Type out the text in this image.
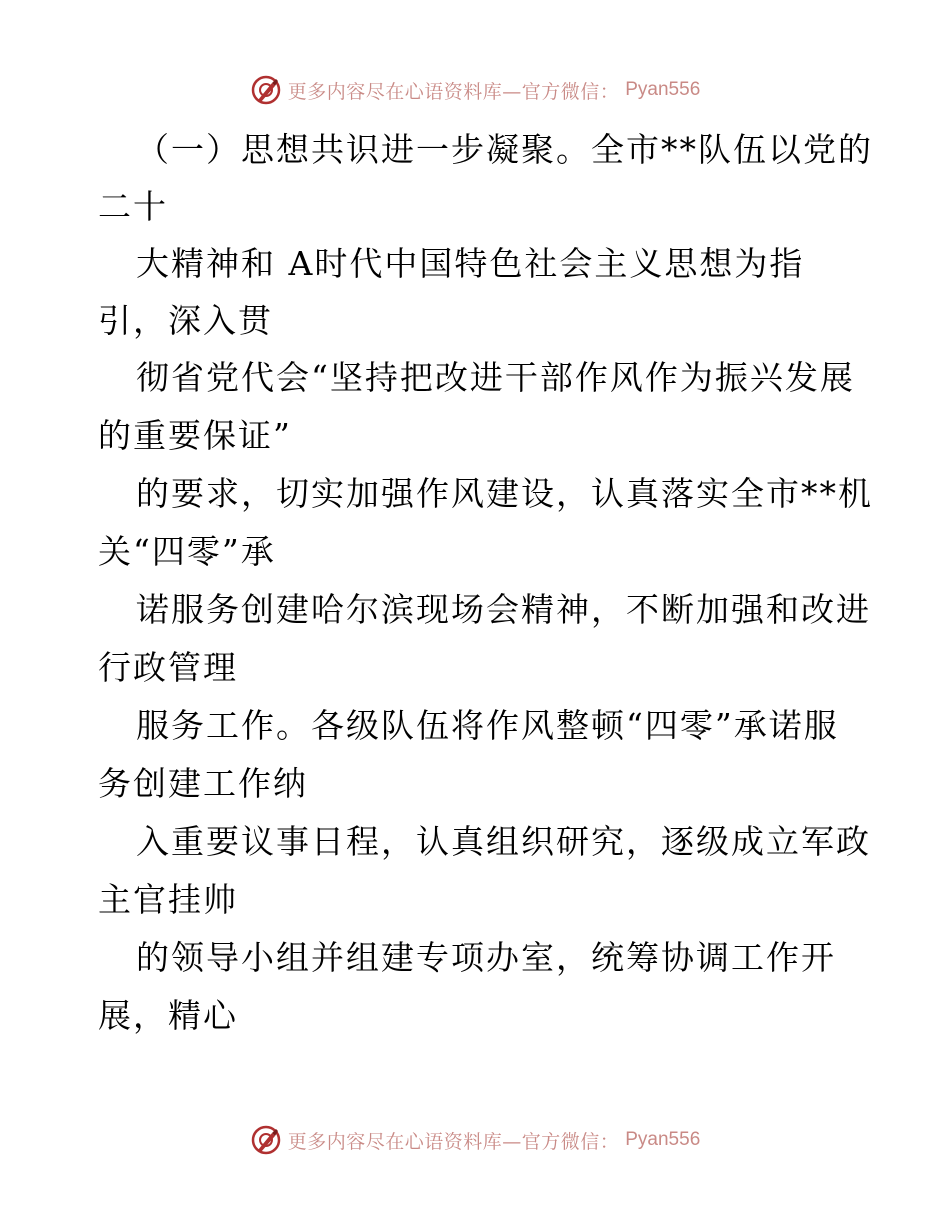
更多内容尽在心语资料库—官方微信： Pyan556
（一）思想共识进一步凝聚。全市**队伍以党的
二十
大精神和 A时代中国特色社会主义思想为指
引，深入贯
彻省党代会“坚持把改进干部作风作为振兴发展
的重要保证”
的要求，切实加强作风建设，认真落实全市**机
关“四零”承
诺服务创建哈尔滨现场会精神，不断加强和改进
行政管理
服务工作。各级队伍将作风整顿“四零”承诺服
务创建工作纳
入重要议事日程，认真组织研究，逐级成立军政
主官挂帅
的领导小组并组建专项办室，统筹协调工作开
展，精心
更多内容尽在心语资料库—官方微信： Pyan556
